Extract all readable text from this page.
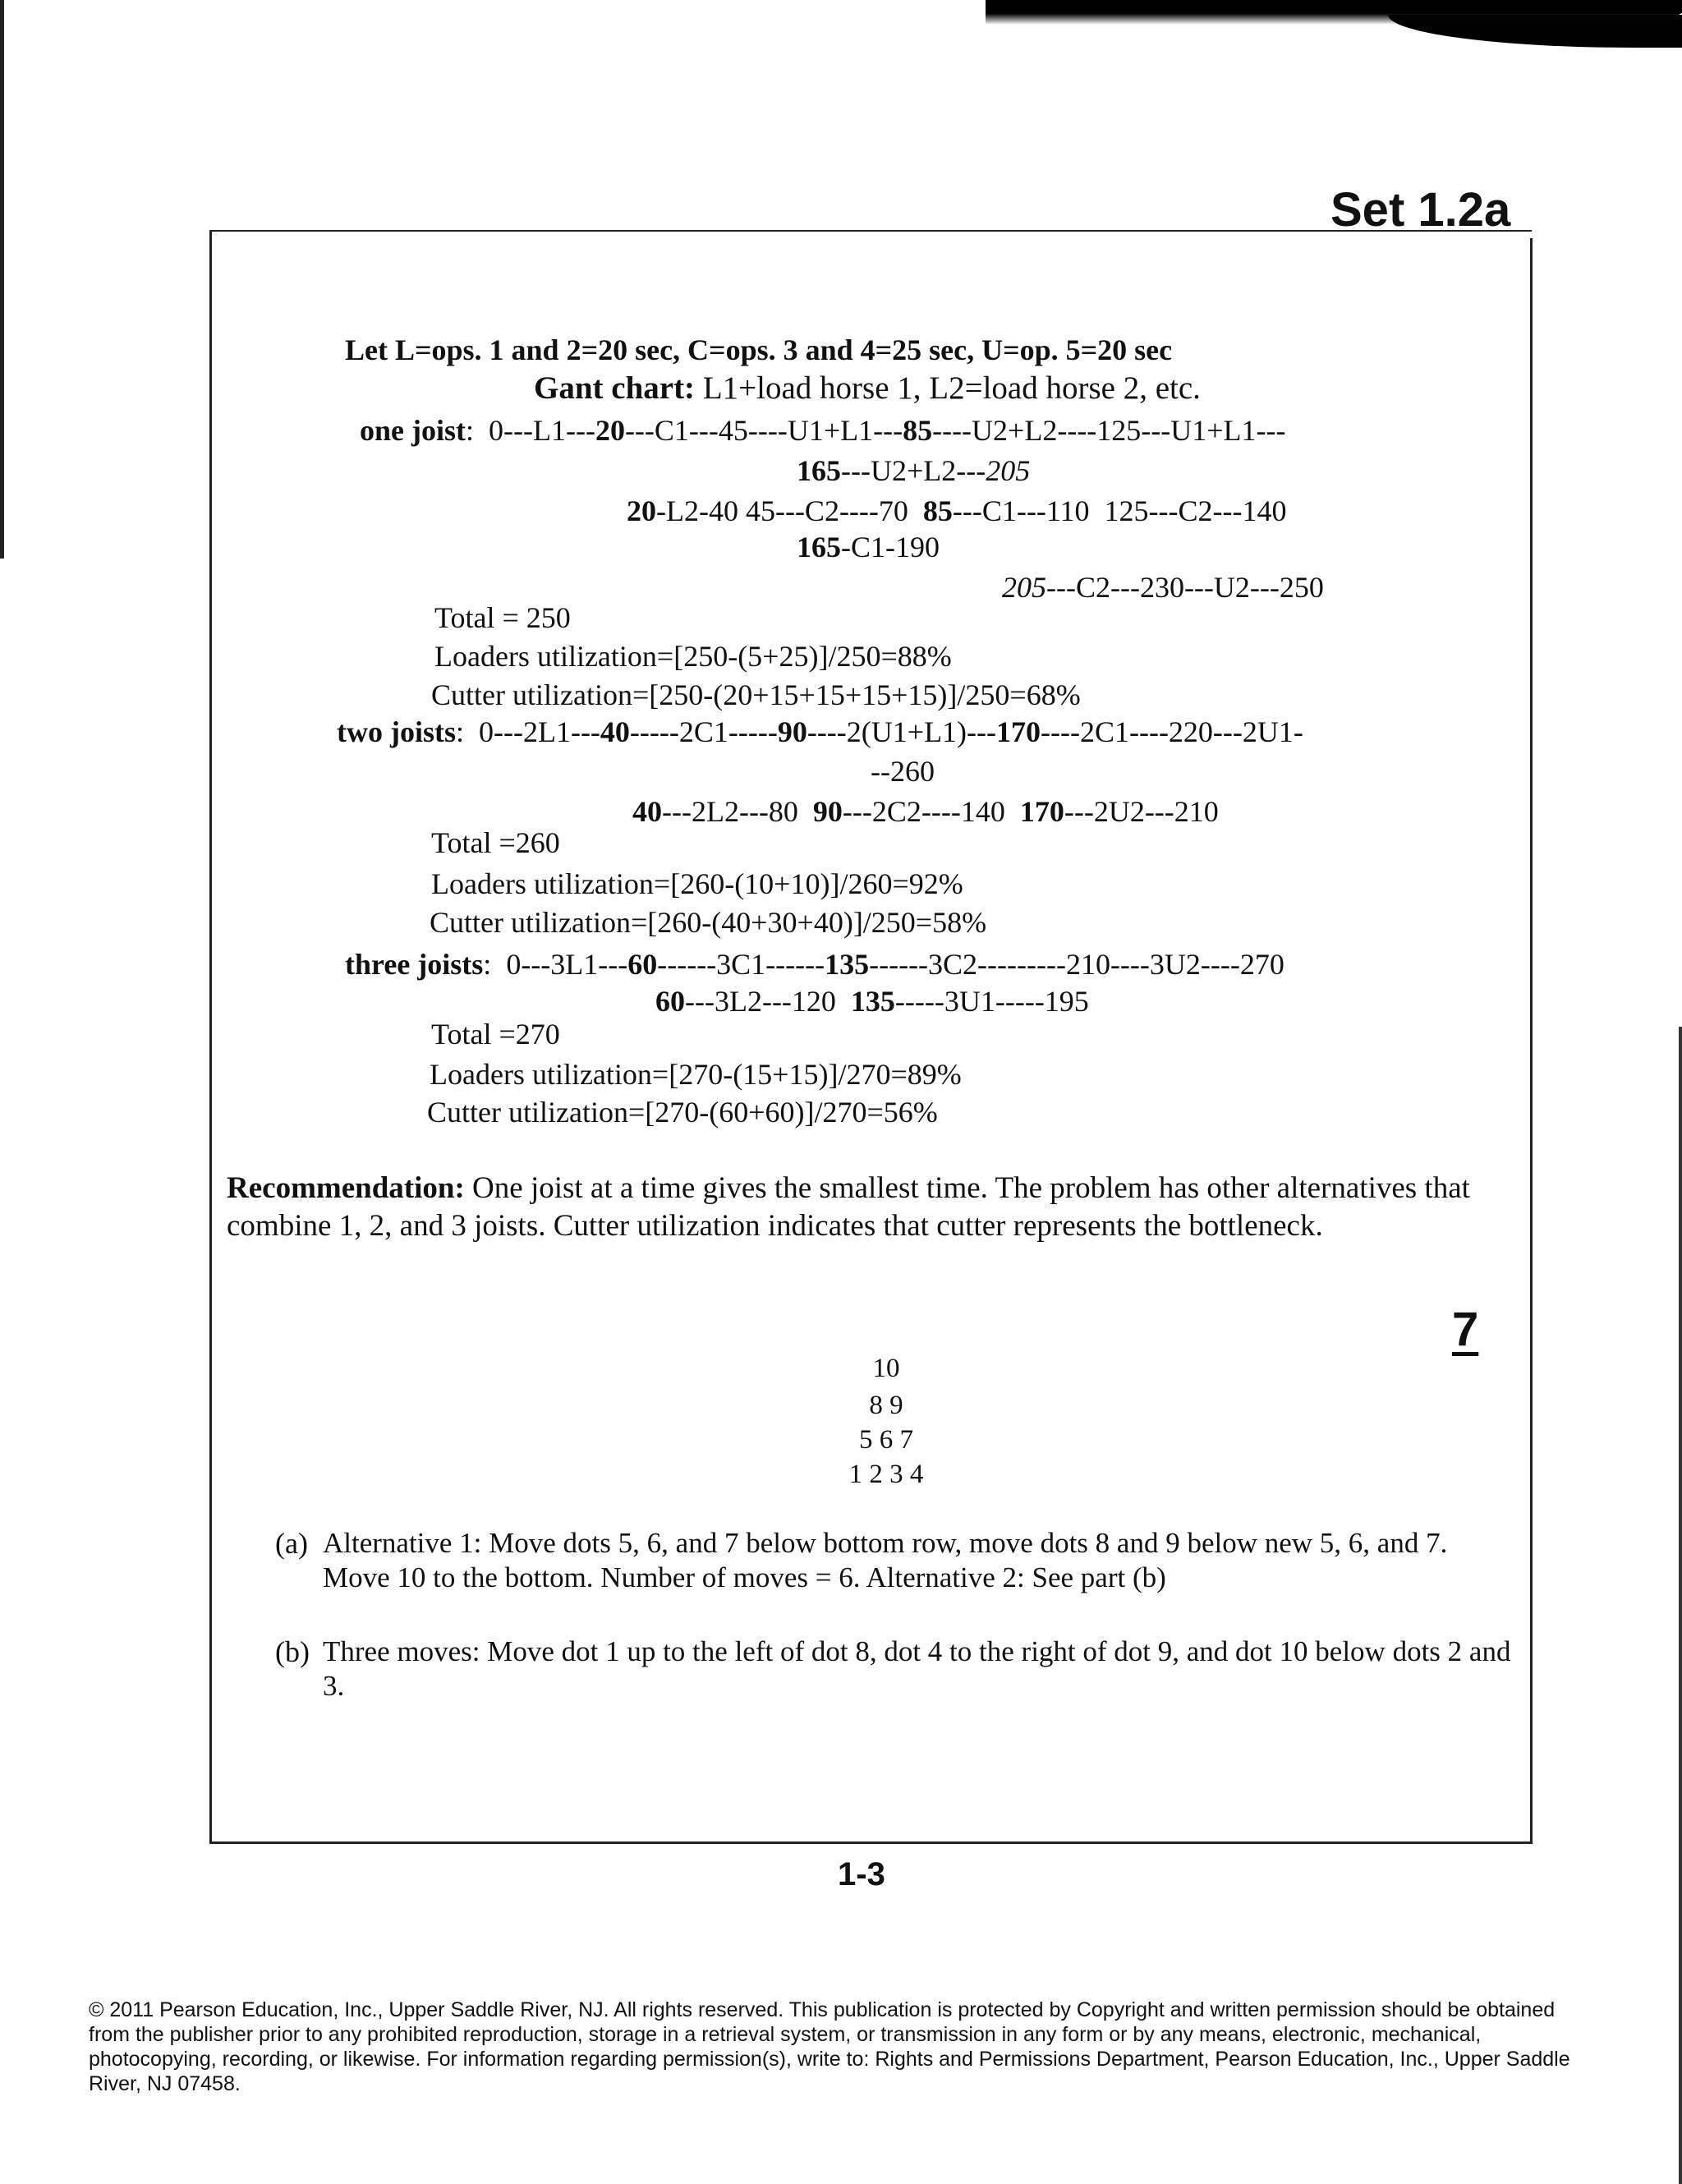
Set 1.2a
Let L=ops. 1 and 2=20 sec, C=ops. 3 and 4=25 sec, U=op. 5=20 sec
Gant chart: L1+load horse 1, L2=load horse 2, etc.
one joist: 0---L1---20---C1---45----U1+L1---85----U2+L2----125---U1+L1---
165---U2+L2---205
20-L2-40 45---C2----70  85---C1---110  125---C2---140
165-C1-190
205---C2---230---U2---250
Total = 250
Loaders utilization=[250-(5+25)]/250=88%
Cutter utilization=[250-(20+15+15+15+15)]/250=68%
two joists: 0---2L1---40-----2C1-----90----2(U1+L1)---170----2C1----220---2U1-
--260
40---2L2---80  90---2C2----140  170---2U2---210
Total =260
Loaders utilization=[260-(10+10)]/260=92%
Cutter utilization=[260-(40+30+40)]/250=58%
three joists: 0---3L1---60------3C1------135------3C2---------210----3U2----270
60---3L2---120  135-----3U1-----195
Total =270
Loaders utilization=[270-(15+15)]/270=89%
Cutter utilization=[270-(60+60)]/270=56%
Recommendation: One joist at a time gives the smallest time. The problem has other alternatives that combine 1, 2, and 3 joists. Cutter utilization indicates that cutter represents the bottleneck.
7
10
8 9
5 6 7
1 2 3 4
(a) Alternative 1: Move dots 5, 6, and 7 below bottom row, move dots 8 and 9 below new 5, 6, and 7. Move 10 to the bottom. Number of moves = 6. Alternative 2: See part (b)
(b) Three moves: Move dot 1 up to the left of dot 8, dot 4 to the right of dot 9, and dot 10 below dots 2 and 3.
1-3
© 2011 Pearson Education, Inc., Upper Saddle River, NJ. All rights reserved. This publication is protected by Copyright and written permission should be obtained from the publisher prior to any prohibited reproduction, storage in a retrieval system, or transmission in any form or by any means, electronic, mechanical, photocopying, recording, or likewise. For information regarding permission(s), write to: Rights and Permissions Department, Pearson Education, Inc., Upper Saddle River, NJ 07458.
